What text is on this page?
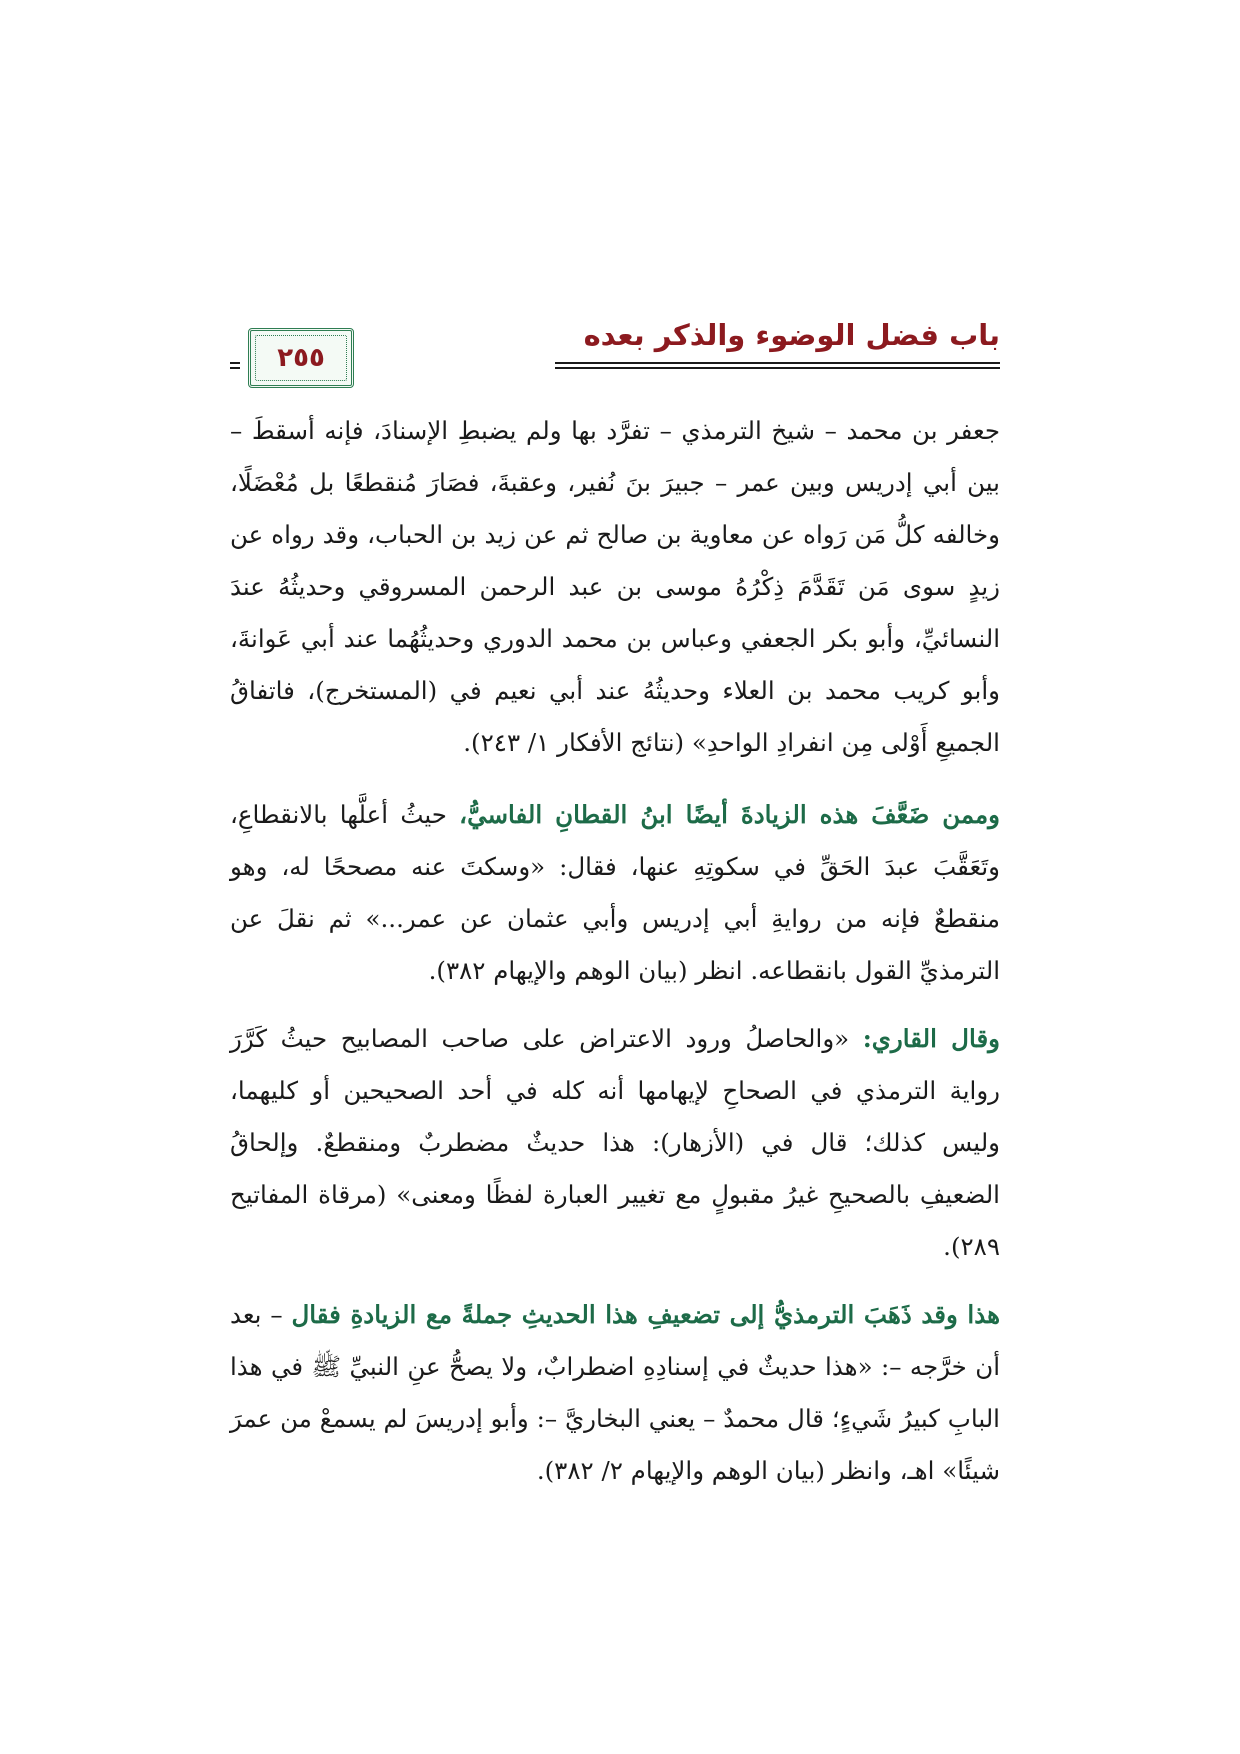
باب فضل الوضوء والذكر بعده
٢٥٥

جعفر بن محمد – شيخ الترمذي – تفرَّد بها ولم يضبطِ الإسنادَ، فإنه أسقطَ – بين أبي إدريس وبين عمر – جبيرَ بنَ نُفير، وعقبةَ، فصَارَ مُنقطعًا بل مُعْضَلًا، وخالفه كلُّ مَن رَواه عن معاوية بن صالح ثم عن زيد بن الحباب، وقد رواه عن زيدٍ سوى مَن تَقَدَّمَ ذِكْرُهُ موسى بن عبد الرحمن المسروقي وحديثُهُ عندَ النسائيِّ، وأبو بكر الجعفي وعباس بن محمد الدوري وحديثُهُما عند أبي عَوانةَ، وأبو كريب محمد بن العلاء وحديثُهُ عند أبي نعيم في (المستخرج)، فاتفاقُ الجميعِ أَوْلى مِن انفرادِ الواحدِ» (نتائج الأفكار ١/ ٢٤٣).

وممن ضَعَّفَ هذه الزيادةَ أيضًا ابنُ القطانِ الفاسيُّ، حيثُ أعلَّها بالانقطاعِ، وتَعَقَّبَ عبدَ الحَقِّ في سكوتِهِ عنها، فقال: «وسكتَ عنه مصححًا له، وهو منقطعٌ فإنه من روايةِ أبي إدريس وأبي عثمان عن عمر...» ثم نقلَ عن الترمذيِّ القول بانقطاعه. انظر (بيان الوهم والإيهام ٣٨٢).

وقال القاري: «والحاصلُ ورود الاعتراض على صاحب المصابيح حيثُ كَرَّرَ رواية الترمذي في الصحاحِ لإيهامها أنه كله في أحد الصحيحين أو كليهما، وليس كذلك؛ قال في (الأزهار): هذا حديثٌ مضطربٌ ومنقطعٌ. وإلحاقُ الضعيفِ بالصحيحِ غيرُ مقبولٍ مع تغيير العبارة لفظًا ومعنى» (مرقاة المفاتيح ٢٨٩).

هذا وقد ذَهَبَ الترمذيُّ إلى تضعيفِ هذا الحديثِ جملةً مع الزيادةِ فقال – بعد أن خرَّجه –: «هذا حديثٌ في إسنادِهِ اضطرابٌ، ولا يصحُّ عنِ النبيِّ ﷺ في هذا البابِ كبيرُ شَيءٍ؛ قال محمدٌ – يعني البخاريَّ –: وأبو إدريسَ لم يسمعْ من عمرَ شيئًا» اهـ، وانظر (بيان الوهم والإيهام ٢/ ٣٨٢).
